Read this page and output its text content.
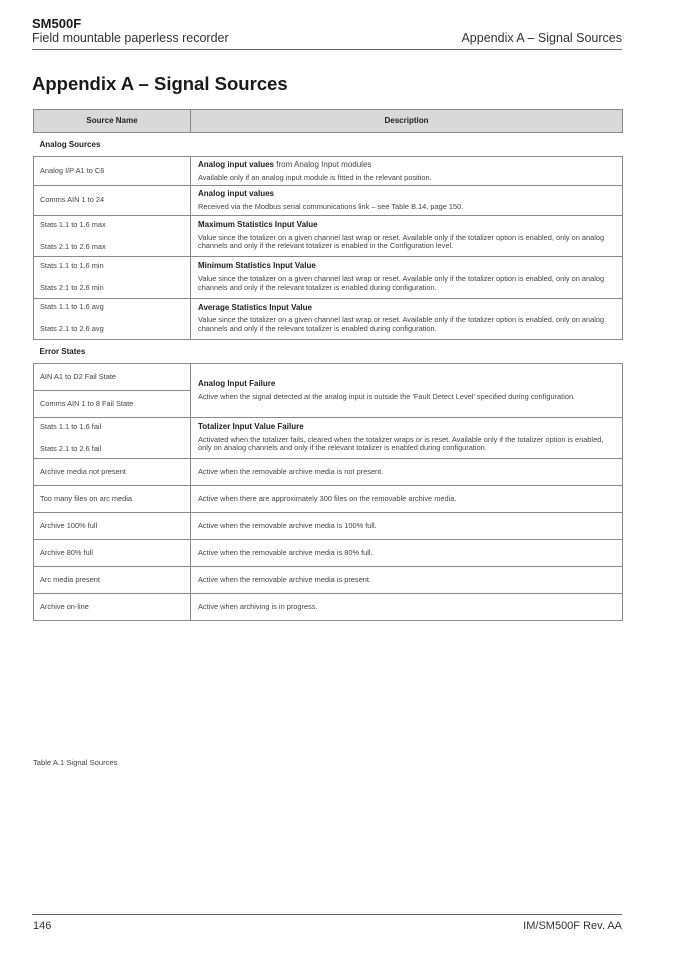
SM500F
Field mountable paperless recorder	Appendix A – Signal Sources
Appendix A – Signal Sources
Source Name	Description
Analog Sources	

Analog I/P A1 to C6	Analog input values from Analog Input modules
Available only if an analog input module is fitted in the relevant position.

Comms AIN 1 to 24	Analog input values
Received via the Modbus serial communications link – see Table B.14, page 150.

Stats 1.1 to 1.6 max
Stats 2.1 to 2.6 max	Maximum Statistics Input Value
Value since the totalizer on a given channel last wrap or reset. Available only if the totalizer option is enabled, only on analog channels and only if the relevant totalizer is enabled in the Configuration level.

Stats 1.1 to 1.6 min
Stats 2.1 to 2.6 min	Minimum Statistics Input Value
Value since the totalizer on a given channel last wrap or reset. Available only if the totalizer option is enabled, only on analog channels and only if the relevant totalizer is enabled during configuration.

Stats 1.1 to 1.6 avg
Stats 2.1 to 2.6 avg	Average Statistics Input Value
Value since the totalizer on a given channel last wrap or reset. Available only if the totalizer option is enabled, only on analog channels and only if the relevant totalizer is enabled during configuration.

Error States	

AIN A1 to D2 Fail State	Analog Input Failure
Active when the signal detected at the analog input is outside the 'Fault Detect Level' specified during configuration.

Comms AIN 1 to 8 Fail State	

Stats 1.1 to 1.6 fail
Stats 2.1 to 2.6 fail	Totalizer Input Value Failure
Activated when the totalizer fails, cleared when the totalizer wraps or is reset. Available only if the totalizer option is enabled, only on analog channels and only if the relevant totalizer is enabled during configuration.

Archive media not present	Active when the removable archive media is not present.
Too many files on arc media	Active when there are approximately 300 files on the removable archive media.
Archive 100% full	Active when the removable archive media is 100% full.
Archive 80% full	Active when the removable archive media is 80% full.
Arc media present	Active when the removable archive media is present.
Archive on-line	Active when archiving is in progress.
Table A.1 Signal Sources
146	IM/SM500F Rev. AA
